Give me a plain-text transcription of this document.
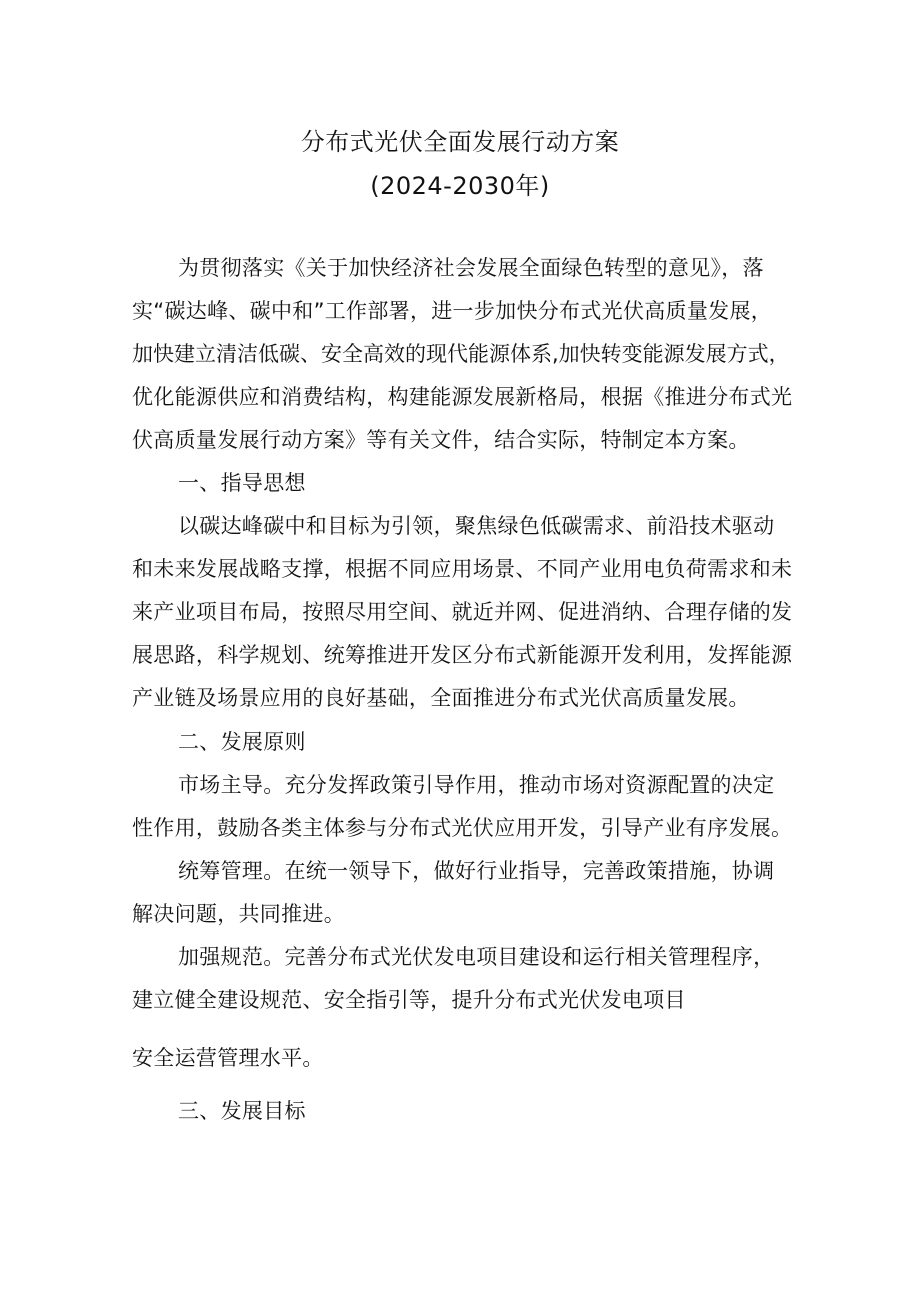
分布式光伏全面发展行动方案
(2024-2030年)

为贯彻落实《关于加快经济社会发展全面绿色转型的意见》，落

实“碳达峰、碳中和”工作部署，进一步加快分布式光伏高质量发展，

加快建立清洁低碳、安全高效的现代能源体系,加快转变能源发展方式，

优化能源供应和消费结构，构建能源发展新格局，根据《推进分布式光

伏高质量发展行动方案》等有关文件，结合实际，特制定本方案。

一、指导思想

以碳达峰碳中和目标为引领，聚焦绿色低碳需求、前沿技术驱动

和未来发展战略支撑，根据不同应用场景、不同产业用电负荷需求和未

来产业项目布局，按照尽用空间、就近并网、促进消纳、合理存储的发

展思路，科学规划、统筹推进开发区分布式新能源开发利用，发挥能源

产业链及场景应用的良好基础，全面推进分布式光伏高质量发展。

二、发展原则

市场主导。充分发挥政策引导作用，推动市场对资源配置的决定

性作用，鼓励各类主体参与分布式光伏应用开发，引导产业有序发展。

统筹管理。在统一领导下，做好行业指导，完善政策措施，协调

解决问题，共同推进。

加强规范。完善分布式光伏发电项目建设和运行相关管理程序，

建立健全建设规范、安全指引等，提升分布式光伏发电项目

安全运营管理水平。

三、发展目标
